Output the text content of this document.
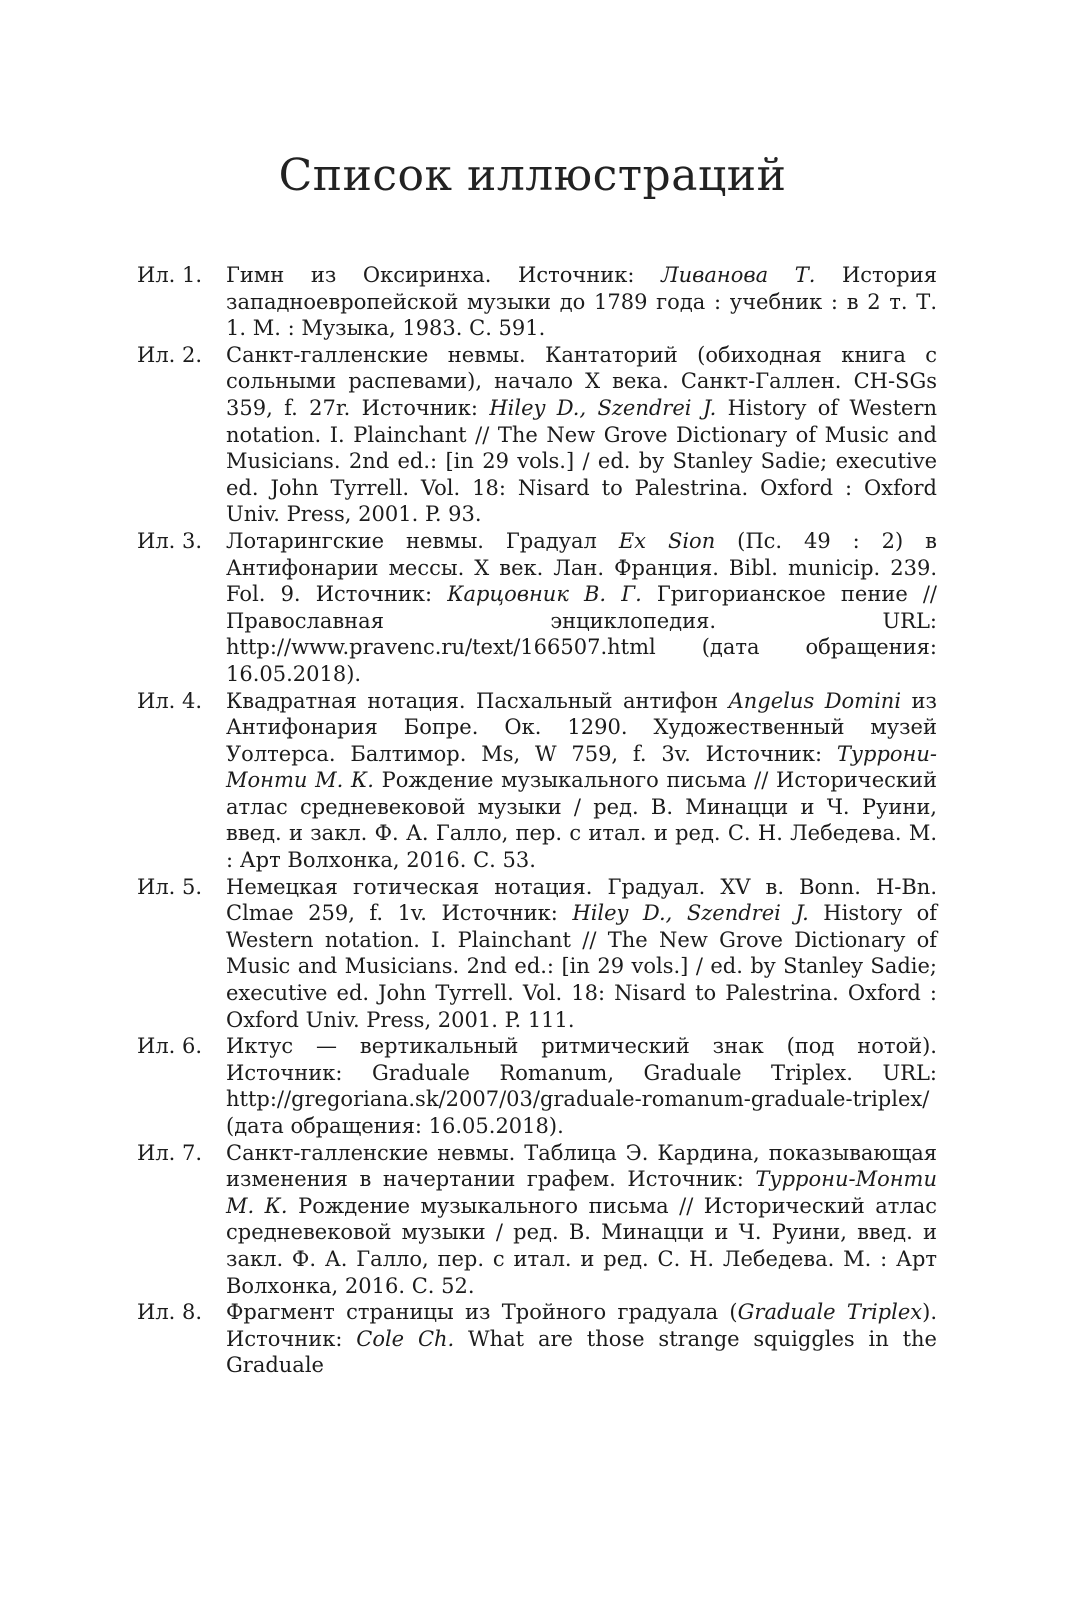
Список иллюстраций
Ил. 1. Гимн из Оксиринха. Источник: Ливанова Т. История западноевропейской музыки до 1789 года : учебник : в 2 т. Т. 1. М. : Музыка, 1983. С. 591.
Ил. 2. Санкт-галленские невмы. Кантаторий (обиходная книга с сольными распевами), начало X века. Санкт-Галлен. CH-SGs 359, f. 27r. Источник: Hiley D., Szendrei J. History of Western notation. I. Plainchant // The New Grove Dictionary of Music and Musicians. 2nd ed.: [in 29 vols.] / ed. by Stanley Sadie; executive ed. John Tyrrell. Vol. 18: Nisard to Palestrina. Oxford : Oxford Univ. Press, 2001. P. 93.
Ил. 3. Лотарингские невмы. Градуал Ex Sion (Пс. 49 : 2) в Антифонарии мессы. X век. Лан. Франция. Bibl. municip. 239. Fol. 9. Источник: Карцовник В. Г. Григорианское пение // Православная энциклопедия. URL: http://www.pravenc.ru/text/166507.html (дата обращения: 16.05.2018).
Ил. 4. Квадратная нотация. Пасхальный антифон Angelus Domini из Антифонария Бопре. Ок. 1290. Художественный музей Уолтерса. Балтимор. Ms, W 759, f. 3v. Источник: Туррони-Монти М. К. Рождение музыкального письма // Исторический атлас средневековой музыки / ред. В. Минацци и Ч. Руини, введ. и закл. Ф. А. Галло, пер. с итал. и ред. С. Н. Лебедева. М. : Арт Волхонка, 2016. С. 53.
Ил. 5. Немецкая готическая нотация. Градуал. XV в. Bonn. H-Bn. Clmae 259, f. 1v. Источник: Hiley D., Szendrei J. History of Western notation. I. Plainchant // The New Grove Dictionary of Music and Musicians. 2nd ed.: [in 29 vols.] / ed. by Stanley Sadie; executive ed. John Tyrrell. Vol. 18: Nisard to Palestrina. Oxford : Oxford Univ. Press, 2001. P. 111.
Ил. 6. Иктус — вертикальный ритмический знак (под нотой). Источник: Graduale Romanum, Graduale Triplex. URL: http://gregoriana.sk/2007/03/graduale-romanum-graduale-triplex/ (дата обращения: 16.05.2018).
Ил. 7. Санкт-галленские невмы. Таблица Э. Кардина, показывающая изменения в начертании графем. Источник: Туррони-Монти М. К. Рождение музыкального письма // Исторический атлас средневековой музыки / ред. В. Минацци и Ч. Руини, введ. и закл. Ф. А. Галло, пер. с итал. и ред. С. Н. Лебедева. М. : Арт Волхонка, 2016. С. 52.
Ил. 8. Фрагмент страницы из Тройного градуала (Graduale Triplex). Источник: Cole Ch. What are those strange squiggles in the Graduale
